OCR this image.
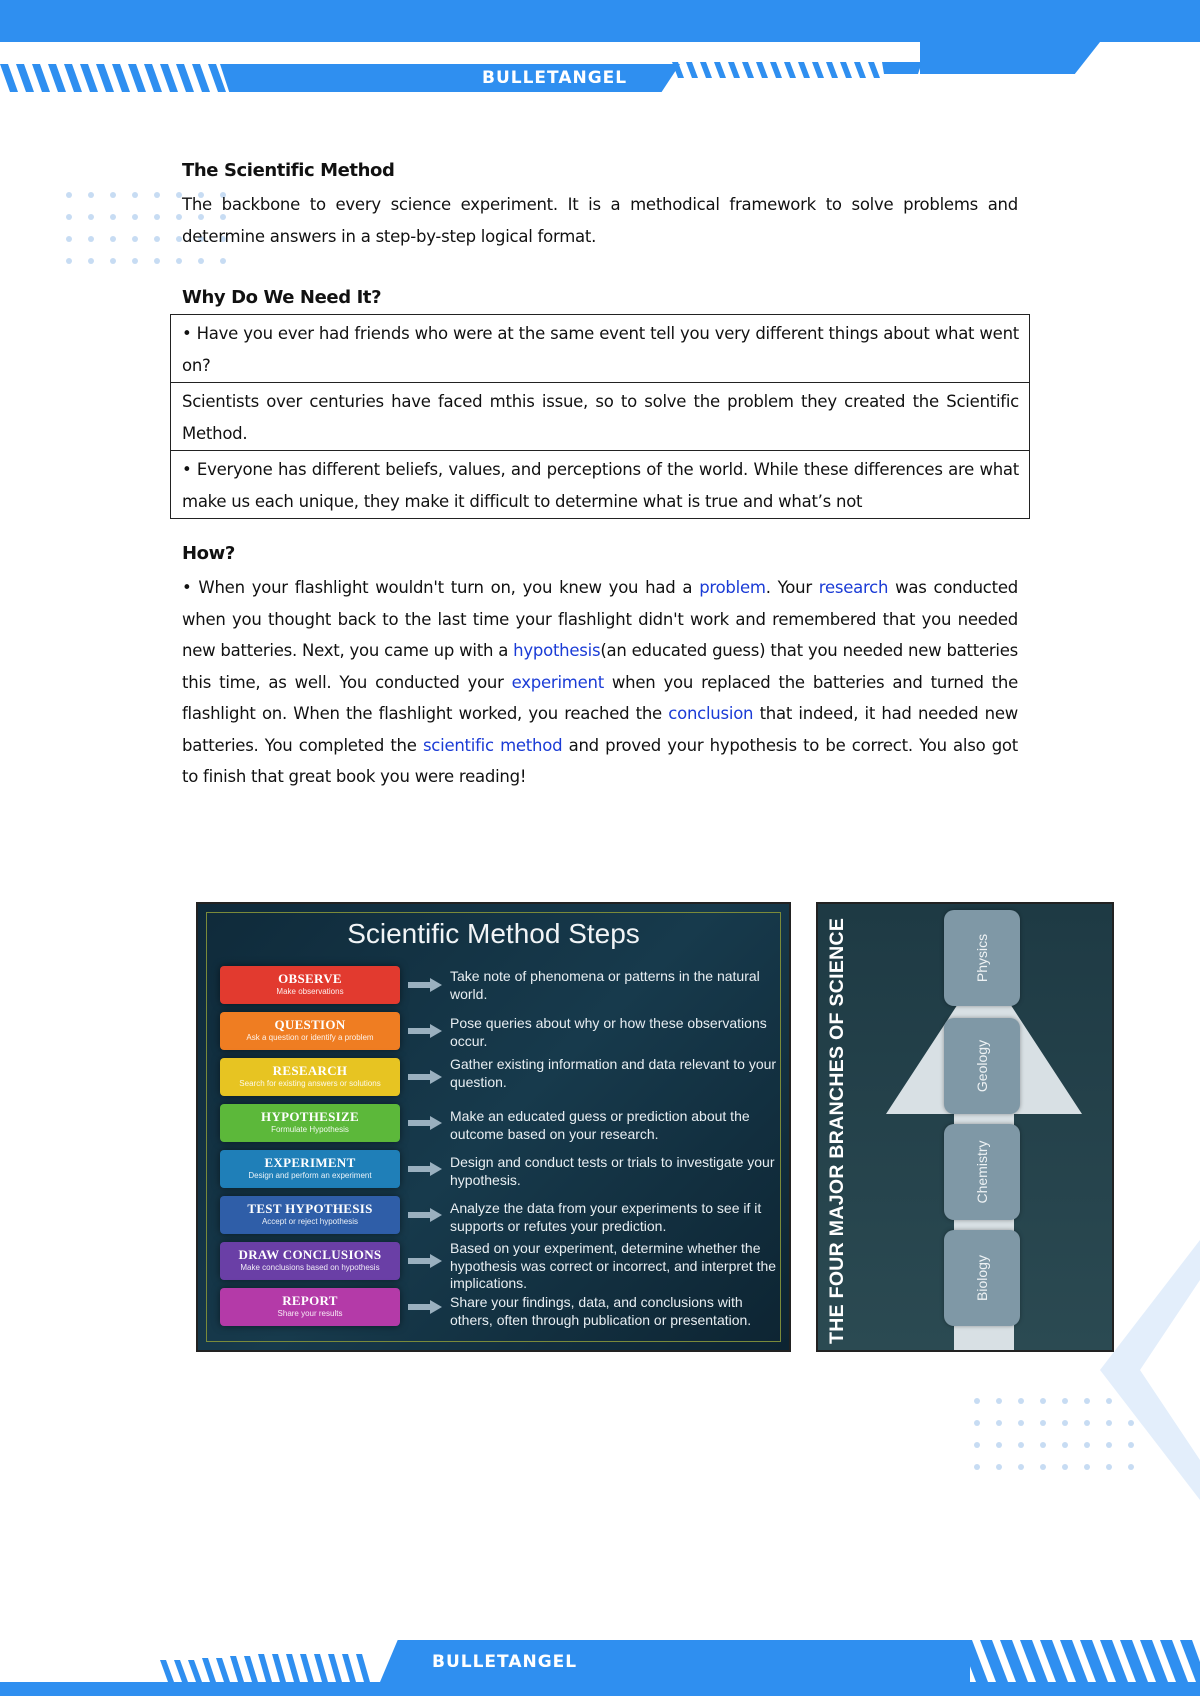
BULLETANGEL
The Scientific Method
The backbone to every science experiment. It is a methodical framework to solve problems and determine answers in a step-by-step logical format.
Why Do We Need It?
• Have you ever had friends who were at the same event tell you very different things about what went on?
Scientists over centuries have faced mthis issue, so to solve the problem they created the Scientific Method.
• Everyone has different beliefs, values, and perceptions of the world. While these differences are what make us each unique, they make it difficult to determine what is true and what’s not
How?
• When your flashlight wouldn't turn on, you knew you had a problem. Your research was conducted when you thought back to the last time your flashlight didn't work and remembered that you needed new batteries. Next, you came up with a hypothesis(an educated guess) that you needed new batteries this time, as well. You conducted your experiment when you replaced the batteries and turned the flashlight on. When the flashlight worked, you reached the conclusion that indeed, it had needed new batteries. You completed the scientific method and proved your hypothesis to be correct. You also got to finish that great book you were reading!
Scientific Method Steps
OBSERVE
Make observations
QUESTION
Ask a question or identify a problem
RESEARCH
Search for existing answers or solutions
HYPOTHESIZE
Formulate Hypothesis
EXPERIMENT
Design and perform an experiment
TEST HYPOTHESIS
Accept or reject hypothesis
DRAW CONCLUSIONS
Make conclusions based on hypothesis
REPORT
Share your results
Take note of phenomena or patterns in the natural world.
Pose queries about why or how these observations occur.
Gather existing information and data relevant to your question.
Make an educated guess or prediction about the outcome based on your research.
Design and conduct tests or trials to investigate your hypothesis.
Analyze the data from your experiments to see if it supports or refutes your prediction.
Based on your experiment, determine whether the hypothesis was correct or incorrect, and interpret the implications.
Share your findings, data, and conclusions with others, often through publication or presentation.	THE FOUR MAJOR BRANCHES OF SCIENCE	Physics
Geology
Chemistry
Biology
BULLETANGEL
